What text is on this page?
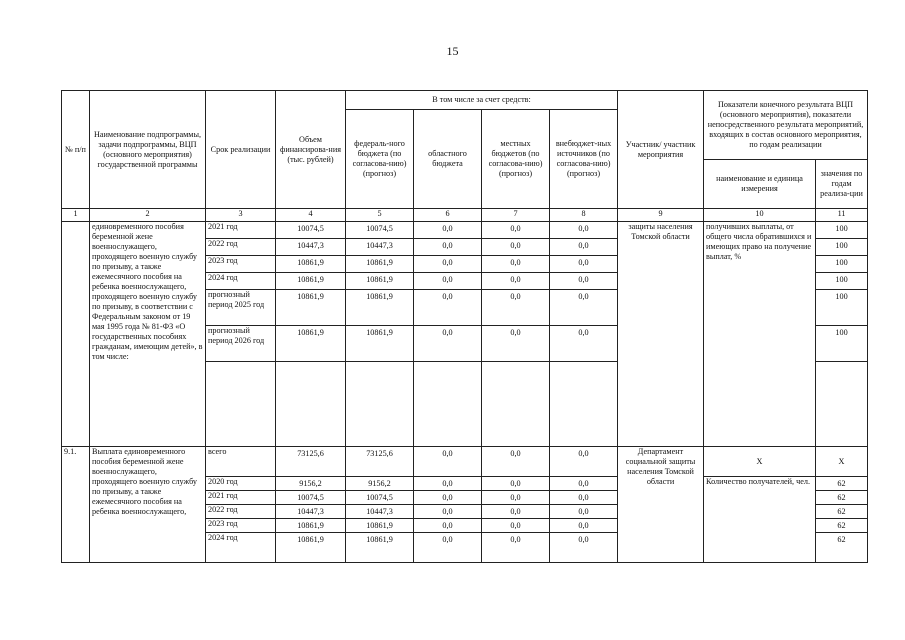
15
№ п/п	Наименование подпрограммы, задачи подпрограммы, ВЦП (основного мероприятия) государственной программы	Срок реализации	Объем финансирова-ния (тыс. рублей)	В том числе за счет средств:				Участник/ участник мероприятия	Показатели конечного результата ВЦП (основного мероприятия), показатели непосредственного результата мероприятий, входящих в состав основного мероприятия, по годам реализации	
				федераль-ного бюджета (по согласова-нию) (прогноз)	областного бюджета	местных бюджетов (по согласова-нию) (прогноз)	внебюджет-ных источников (по согласова-нию) (прогноз)			
									наименование и единица измерения	значения по годам реализа-ции
1	2	3	4	5	6	7	8	9	10	11
	единовременного пособия беременной жене военнослужащего, проходящего военную службу по призыву, а также ежемесячного пособия на ребенка военнослужащего, проходящего военную службу по призыву, в соответствии с Федеральным законом от 19 мая 1995 года № 81-ФЗ «О государственных пособиях гражданам, имеющим детей», в том числе:	2021 год	10074,5	10074,5	0,0	0,0	0,0	защиты населения Томской области	получивших выплаты, от общего числа обратившихся и имеющих право на получение выплат, %	100
		2022 год	10447,3	10447,3	0,0	0,0	0,0			100
		2023 год	10861,9	10861,9	0,0	0,0	0,0			100
		2024 год	10861,9	10861,9	0,0	0,0	0,0			100
		прогнозный период 2025 год	10861,9	10861,9	0,0	0,0	0,0			100
		прогнозный период 2026 год	10861,9	10861,9	0,0	0,0	0,0			100

9.1.	Выплата единовременного пособия беременной жене военнослужащего, проходящего военную службу по призыву, а также ежемесячного пособия на ребенка военнослужащего,	всего	73125,6	73125,6	0,0	0,0	0,0	Департамент социальной защиты населения Томской области	Х	Х
		2020 год	9156,2	9156,2	0,0	0,0	0,0		Количество получателей, чел.	62
		2021 год	10074,5	10074,5	0,0	0,0	0,0			62
		2022 год	10447,3	10447,3	0,0	0,0	0,0			62
		2023 год	10861,9	10861,9	0,0	0,0	0,0			62
		2024 год	10861,9	10861,9	0,0	0,0	0,0			62
